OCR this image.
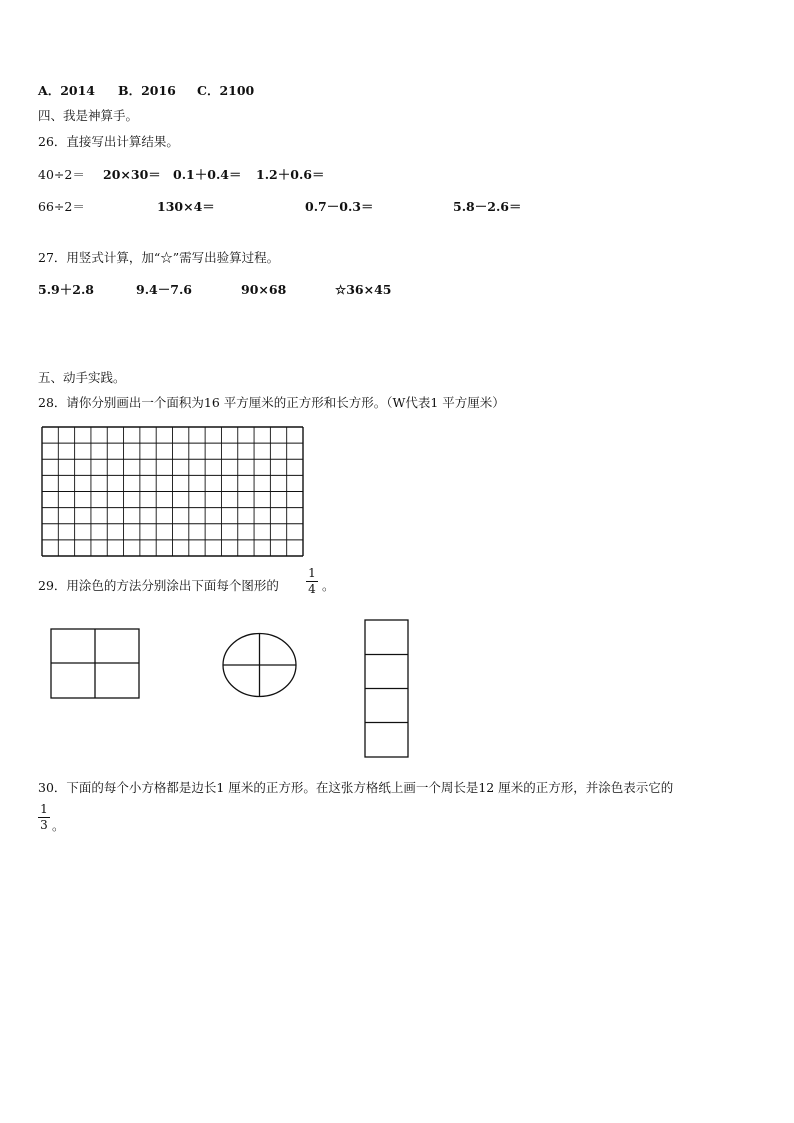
A．2014 B．2016 C．2100
四、我是神算手。
26．直接写出计算结果。
40÷2＝ 20×30＝ 0.1＋0.4＝ 1.2＋0.6＝
66÷2＝	130×4＝	0.7－0.3＝	5.8－2.6＝
27．用竖式计算，加“☆”需写出验算过程。
5.9＋2.8	9.4－7.6	90×68	☆36×45
五、动手实践。
28．请你分别画出一个面积为16 平方厘米的正方形和长方形。（W代表1 平方厘米）
29．用涂色的方法分别涂出下面每个图形的
1
4 。
30．下面的每个小方格都是边长1 厘米的正方形。在这张方格纸上画一个周长是12 厘米的正方形，并涂色表示它的
1
3 。
